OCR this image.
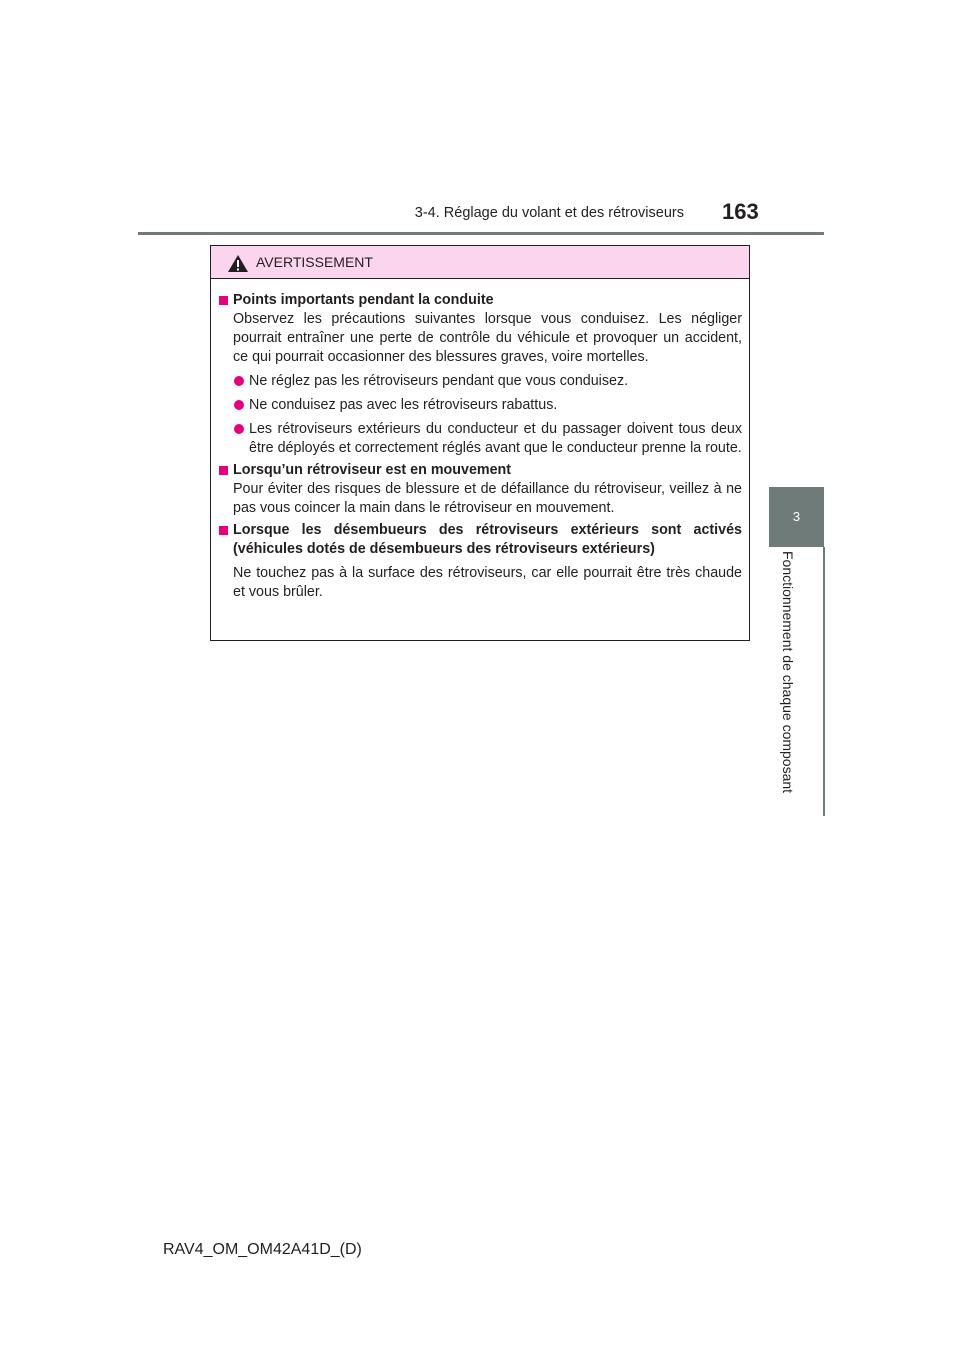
3-4. Réglage du volant et des rétroviseurs 163
3
Fonctionnement de chaque composant
AVERTISSEMENT
Points importants pendant la conduite
Observez les précautions suivantes lorsque vous conduisez. Les négliger pourrait entraîner une perte de contrôle du véhicule et provoquer un accident, ce qui pourrait occasionner des blessures graves, voire mortelles.
Ne réglez pas les rétroviseurs pendant que vous conduisez.
Ne conduisez pas avec les rétroviseurs rabattus.
Les rétroviseurs extérieurs du conducteur et du passager doivent tous deux être déployés et correctement réglés avant que le conducteur prenne la route.
Lorsqu’un rétroviseur est en mouvement
Pour éviter des risques de blessure et de défaillance du rétroviseur, veillez à ne pas vous coincer la main dans le rétroviseur en mouvement.
Lorsque les désembueurs des rétroviseurs extérieurs sont activés (véhicules dotés de désembueurs des rétroviseurs extérieurs)
Ne touchez pas à la surface des rétroviseurs, car elle pourrait être très chaude et vous brûler.
RAV4_OM_OM42A41D_(D)
